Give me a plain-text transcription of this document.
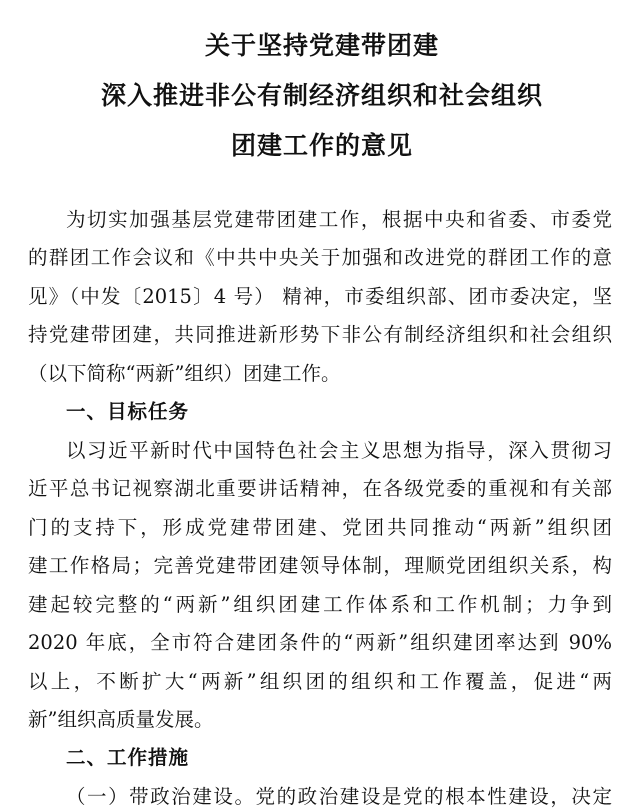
关于坚持党建带团建
深入推进非公有制经济组织和社会组织
团建工作的意见
为切实加强基层党建带团建工作，根据中央和省委、市委党
的群团工作会议和《中共中央关于加强和改进党的群团工作的意
见》（中发〔2015〕4 号） 精神，市委组织部、团市委决定，坚
持党建带团建，共同推进新形势下非公有制经济组织和社会组织
（以下简称“两新”组织）团建工作。
一、目标任务
以习近平新时代中国特色社会主义思想为指导，深入贯彻习
近平总书记视察湖北重要讲话精神，在各级党委的重视和有关部
门的支持下，形成党建带团建、党团共同推动“两新”组织团
建工作格局；完善党建带团建领导体制，理顺党团组织关系，构
建起较完整的“两新”组织团建工作体系和工作机制；力争到
2020 年底，全市符合建团条件的“两新”组织建团率达到 90%
以上，不断扩大“两新”组织团的组织和工作覆盖，促进“两
新”组织高质量发展。
二、工作措施
（一）带政治建设。党的政治建设是党的根本性建设，决定
